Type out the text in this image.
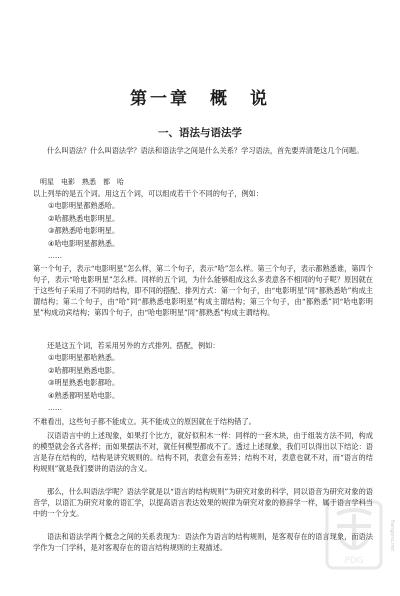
第一章　概　说
一、语法与语法学

什么叫语法？什么叫语法学？语法和语法学之间是什么关系？学习语法，首先要弄清楚这几个问题。

明星　电影　熟悉　都　哈

以上列举的是五个词。用这五个词，可以组成若干个不同的句子，例如：

①电影明星都熟悉哈。
②哈都熟悉电影明星。
③都熟悉哈电影明星。
④哈电影明星都熟悉。
……

第一个句子，表示“电影明星”怎么样，第二个句子，表示“哈”怎么样。第三个句子，表示都熟悉谁，第四个句子，表示“哈电影明星”怎么样。同样的五个词，为什么能够组成这么多表意各不相同的句子呢？原因就在于这些句子采用了不同的结构，即不同的搭配、排列方式：第一个句子，由“电影明星”同“都熟悉哈”构成主谓结构；第二个句子，由“哈”同“都熟悉电影明星”构成主谓结构；第三个句子，由“都熟悉”同“哈电影明星”构成动宾结构；第四个句子，由“哈电影明星”同“都熟悉”构成主谓结构。

还是这五个词，若采用另外的方式排列、搭配，例如：

①电影明星都哈熟悉。
②哈都明星熟悉电影。
③明星熟悉电影都哈。
④熟悉都明星哈电影。
……

不难看出，这些句子都不能成立。其不能成立的原因就在于结构错了。

汉语语言中的上述现象，如果打个比方，就好似积木一样：同样的一套木块，由于组装方法不同，构成的模型就会各式各样；而如果摆法不对，就任何模型都成不了。透过上述现象，我们可以得出以下结论：语言是存在结构的，结构是讲究规则的。结构不同，表意会有差异；结构不对，表意也就不对，而“语言的结构规则”就是我们要讲的语法的含义。

那么，什么叫语法学呢？语法学就是以“语言的结构规则”为研究对象的科学，同以语音为研究对象的语音学，以语汇为研究对象的语汇学，以提高语言表达效果的规律为研究对象的修辞学一样，属于语言学科当中的一个分支。

语法和语法学两个概念之间的关系表现为：语法作为语言的结构规则，是客观存在的语言现象，而语法学作为一门学科，是对客观存在的语言结构规则的主观描述。

PDG
fiangshu.net
